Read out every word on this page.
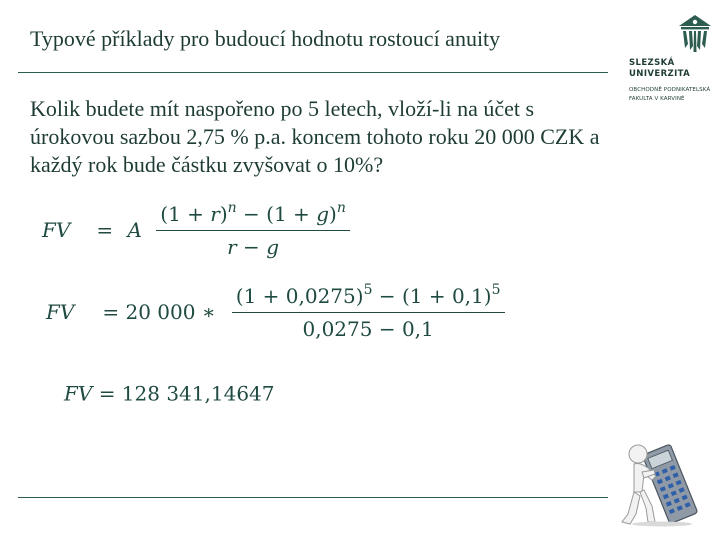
Typové příklady pro budoucí hodnotu rostoucí anuity
SLEZSKÁ
UNIVERZITA
OBCHODNĚ PODNIKATELSKÁ
FAKULTA V KARVINÉ
Kolik budete mít naspořeno po 5 letech, vloží-li na účet s úrokovou sazbou 2,75 % p.a. koncem tohoto roku 20 000 CZK a každý rok bude částku zvyšovat o 10%?
FV = A $\frac{(1 + r)^n - (1 + g)^n}{r - g}$
FV = 20 000 ∗ $\frac{(1 + 0,0275)^5 - (1 + 0,1)^5}{0,0275 - 0,1}$
FV = 128 341,14647
